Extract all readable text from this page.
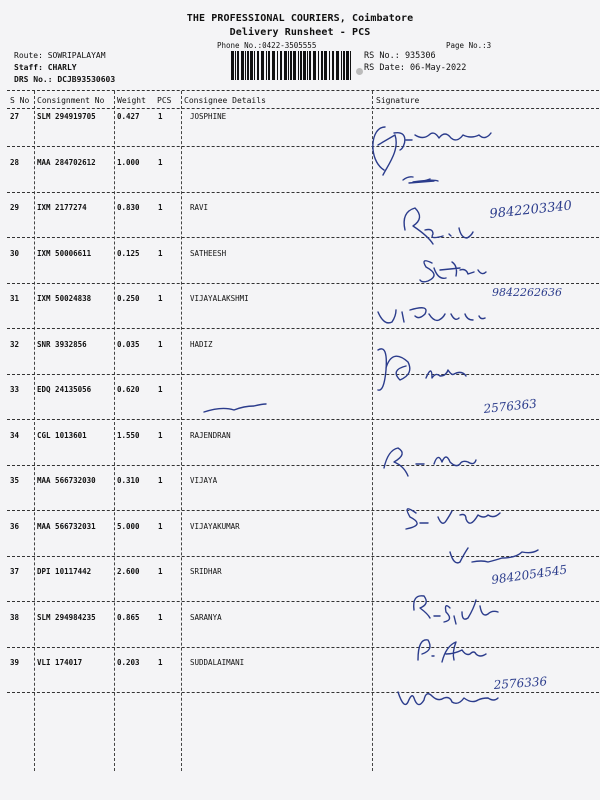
THE PROFESSIONAL COURIERS, Coimbatore
Delivery Runsheet - PCS
Phone No.:0422-3505555	Page No.:3
Route: SOWRIPALAYAM
Staff: CHARLY
DRS No.: DCJB93530603
RS No.: 935306
RS Date: 06-May-2022
S No Consignment No Weight PCS Consignee Details	Signature
27 SLM 294919705	0.427 1	JOSPHINE
28 MAA 284702612	1.000 1
29 IXM 2177274	0.830 1	RAVI
30 IXM 50006611	0.125 1	SATHEESH
31 IXM 50024838	0.250 1	VIJAYALAKSHMI
32 SNR 3932856	0.035 1	HADIZ
33 EDQ 24135056	0.620 1
34 CGL 1013601	1.550 1	RAJENDRAN
35 MAA 566732030	0.310 1	VIJAYA
36 MAA 566732031	5.000 1	VIJAYAKUMAR
37 DPI 10117442	2.600 1	SRIDHAR
38 SLM 294984235	0.865 1	SARANYA
39 VLI 174017	0.203 1	SUDDALAIMANI
9842203340
9842262636
2576363
9842054545
2576336
